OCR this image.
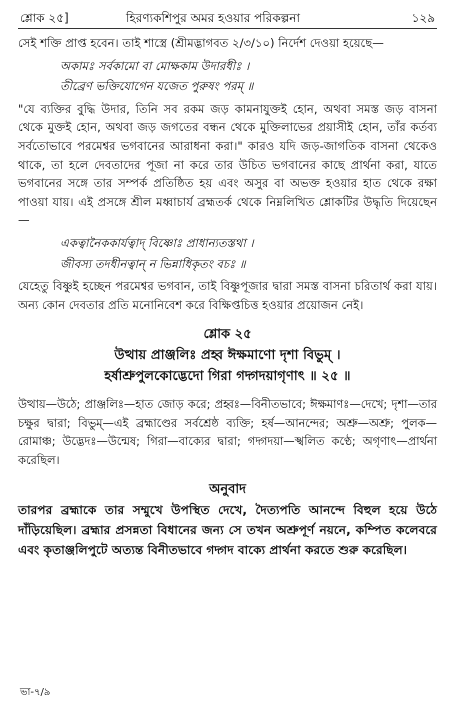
শ্লোক ২৫]	হিরণ্যকশিপুর অমর হওয়ার পরিকল্পনা	১২৯

সেই শক্তি প্রাপ্ত হবেন। তাই শাস্ত্রে (শ্রীমদ্ভাগবত ২/৩/১০) নির্দেশ দেওয়া হয়েছে—

অকামঃ সর্বকামো বা মোক্ষকাম উদারধীঃ ।

তীব্রেণ ভক্তিযোগেন যজেত পুরুষং পরম্ ॥

"যে ব্যক্তির বুদ্ধি উদার, তিনি সব রকম জড় কামনাযুক্তই হোন, অথবা সমস্ত জড় বাসনা থেকে মুক্তই হোন, অথবা জড় জগতের বন্ধন থেকে মুক্তিলাভের প্রয়াসীই হোন, তাঁর কর্তব্য সর্বতোভাবে পরমেশ্বর ভগবানের আরাধনা করা।" কারও যদি জড়-জাগতিক বাসনা থেকেও থাকে, তা হলে দেবতাদের পূজা না করে তার উচিত ভগবানের কাছে প্রার্থনা করা, যাতে ভগবানের সঙ্গে তার সম্পর্ক প্রতিষ্ঠিত হয় এবং অসুর বা অভক্ত হওয়ার হাত থেকে রক্ষা পাওয়া যায়। এই প্রসঙ্গে শ্রীল মধ্বাচার্য ব্রহ্মতর্ক থেকে নিম্নলিখিত শ্লোকটির উদ্ধৃতি দিয়েছেন—

একত্বানৈককার্যত্বাদ্ বিষ্ণোঃ প্রাধান্যতস্তথা ।

জীবস্য তদধীনত্বান্ ন ভিন্নাধিকৃতং বচঃ ॥

যেহেতু বিষ্ণুই হচ্ছেন পরমেশ্বর ভগবান, তাই বিষ্ণুপূজার দ্বারা সমস্ত বাসনা চরিতার্থ করা যায়। অন্য কোন দেবতার প্রতি মনোনিবেশ করে বিক্ষিপ্তচিত্ত হওয়ার প্রয়োজন নেই।

শ্লোক ২৫

উত্থায় প্রাঞ্জলিঃ প্রহ্ব ঈক্ষমাণো দৃশা বিভুম্ ।

হর্ষাশ্রুপুলকোদ্ভেদো গিরা গদ্গদয়াগৃণাৎ ॥ ২৫ ॥

উত্থায়—উঠে; প্রাঞ্জলিঃ—হাত জোড় করে; প্রহ্বঃ—বিনীতভাবে; ঈক্ষমাণঃ—দেখে; দৃশা—তার চক্ষুর দ্বারা; বিভুম্—এই ব্রহ্মাণ্ডের সর্বশ্রেষ্ঠ ব্যক্তি; হর্ষ—আনন্দের; অশ্রু—অশ্রু; পুলক—রোমাঞ্চ; উদ্ভেদঃ—উন্মেষ; গিরা—বাক্যের দ্বারা; গদ্গদয়া—স্খলিত কণ্ঠে; অগৃণাৎ—প্রার্থনা করেছিল।

অনুবাদ

তারপর ব্রহ্মাকে তার সম্মুখে উপস্থিত দেখে, দৈত্যপতি আনন্দে বিহুল হয়ে উঠে দাঁড়িয়েছিল। ব্রহ্মার প্রসন্নতা বিধানের জন্য সে তখন অশ্রুপূর্ণ নয়নে, কম্পিত কলেবরে এবং কৃতাঞ্জলিপুটে অত্যন্ত বিনীতভাবে গদ্গদ বাক্যে প্রার্থনা করতে শুরু করেছিল।

ভা-৭/৯
